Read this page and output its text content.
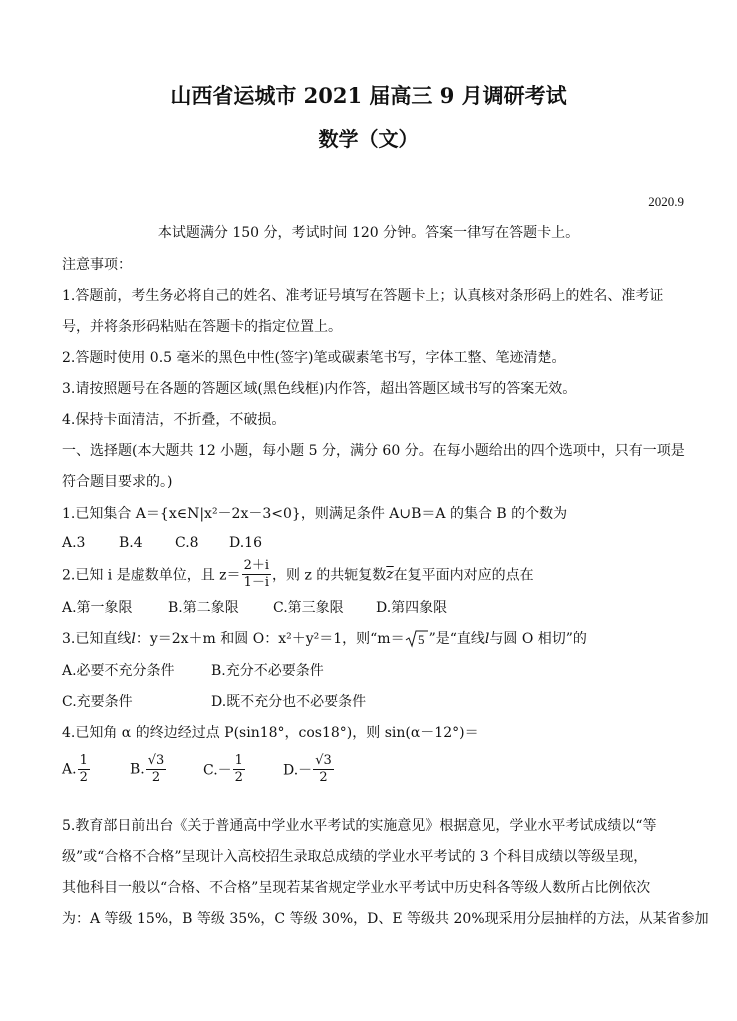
山西省运城市 2021 届高三 9 月调研考试
数学（文）
2020.9
本试题满分 150 分，考试时间 120 分钟。答案一律写在答题卡上。
注意事项：
1.答题前，考生务必将自己的姓名、准考证号填写在答题卡上；认真核对条形码上的姓名、准考证
号，并将条形码粘贴在答题卡的指定位置上。
2.答题时使用 0.5 毫米的黑色中性(签字)笔或碳素笔书写，字体工整、笔迹清楚。
3.请按照题号在各题的答题区域(黑色线框)内作答，超出答题区域书写的答案无效。
4.保持卡面清洁，不折叠，不破损。
一、选择题(本大题共 12 小题，每小题 5 分，满分 60 分。在每小题给出的四个选项中，只有一项是
符合题目要求的。)
1.已知集合 A＝{x∈N|x²－2x－3<0}，则满足条件 A∪B＝A 的集合 B 的个数为
A.3 B.4 C.8 D.16
2.已知 i 是虚数单位，且 $z= \frac{2+i}{1-i}$ ，则 z 的共轭复数$\overline{z}$在复平面内对应的点在
A.第一象限	B.第二象限 C.第三象限 D.第四象限
3.已知直线l：y＝2x＋m 和圆 O：x²＋y²＝1，则“m＝ 5 ”是“直线l与圆 O 相切”的
A.必要不充分条件	B.充分不必要条件
C.充要条件	D.既不充分也不必要条件
4.已知角 α 的终边经过点 P(sin18°，cos18°)，则 sin(α－12°)＝
A. $\frac{1}{2}$	B. $\frac{√3}{2}$	$C.- \frac{1}{2}$	$D.- \frac{√3}{2}$
5.教育部日前出台《关于普通高中学业水平考试的实施意见》根据意见，学业水平考试成绩以“等
级”或“合格不合格”呈现计入高校招生录取总成绩的学业水平考试的 3 个科目成绩以等级呈现，
其他科目一般以“合格、不合格”呈现若某省规定学业水平考试中历史科各等级人数所占比例依次
为：A 等级 15%，B 等级 35%，C 等级 30%，D、E 等级共 20%现采用分层抽样的方法，从某省参加
